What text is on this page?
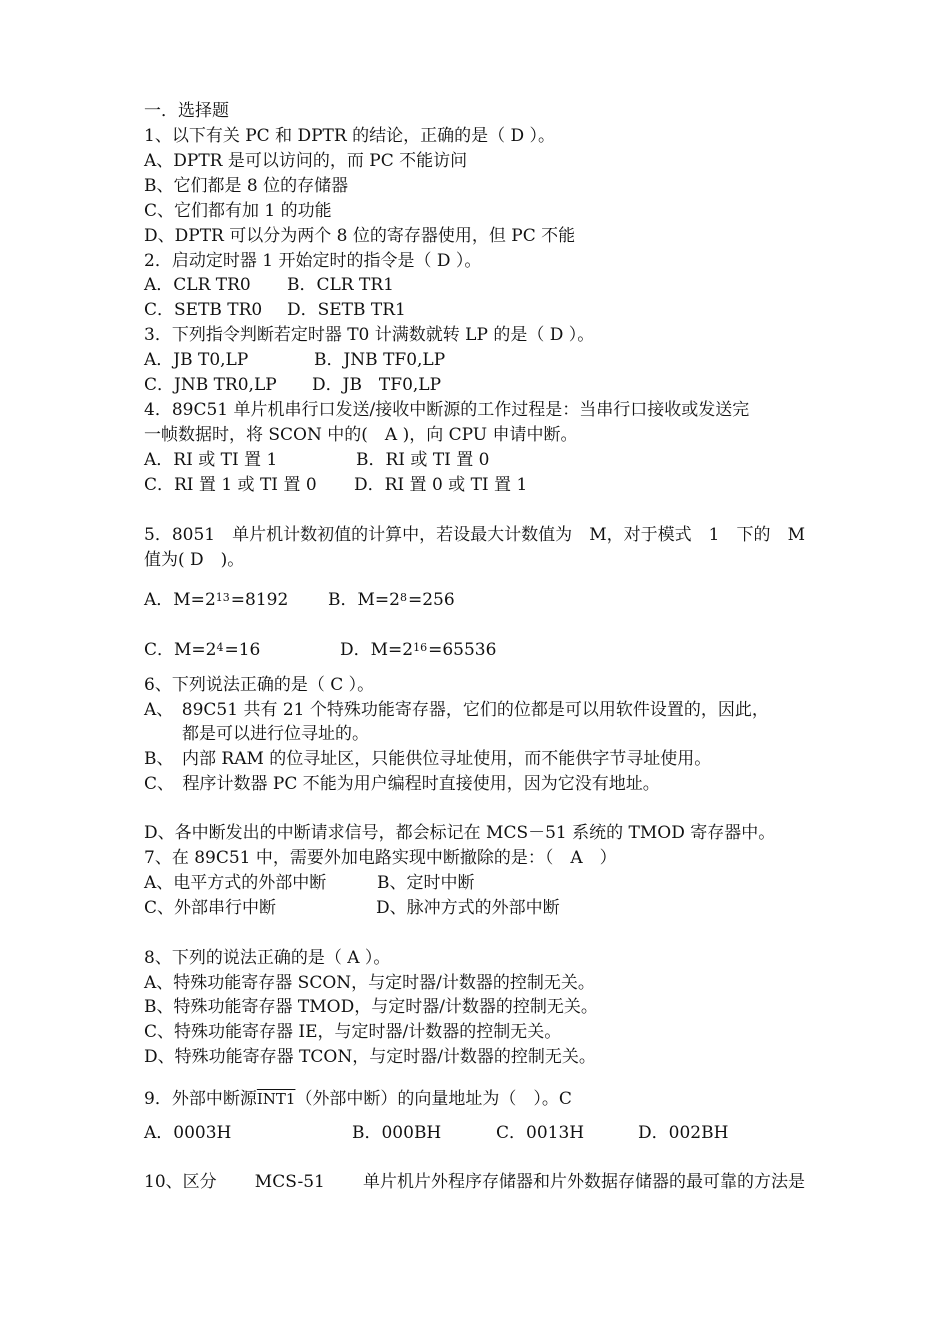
一．选择题
1、以下有关 PC 和 DPTR 的结论，正确的是（ D ）。
A、DPTR 是可以访问的，而 PC 不能访问
B、它们都是 8 位的存储器
C、它们都有加 1 的功能
D、DPTR 可以分为两个 8 位的寄存器使用，但 PC 不能
2．启动定时器 1 开始定时的指令是（ D ）。
A．CLR TR0 B．CLR TR1
C．SETB TR0 D．SETB TR1
3．下列指令判断若定时器 T0 计满数就转 LP 的是（ D ）。
A．JB T0,LP	B．JNB TF0,LP
C．JNB TR0,LP D．JB　TF0,LP
4．89C51 单片机串行口发送/接收中断源的工作过程是：当串行口接收或发送完
一帧数据时，将 SCON 中的(　A )，向 CPU 申请中断。
A．RI 或 TI 置 1	B．RI 或 TI 置 0
C．RI 置 1 或 TI 置 0 D．RI 置 0 或 TI 置 1
5．8051 单片机计数初值的计算中，若设最大计数值为 M，对于模式 1 下的 M
值为( D　)。
A．$M=2^{13}=8192$ B．$M=2^8=256$
C．$M=2^4=16$	D．$M=2^{16}=65536$
6、下列说法正确的是（ C ）。
A、　89C51 共有 21 个特殊功能寄存器，它们的位都是可以用软件设置的，因此，
都是可以进行位寻址的。
B、　内部 RAM 的位寻址区，只能供位寻址使用，而不能供字节寻址使用。
C、　程序计数器 PC 不能为用户编程时直接使用，因为它没有地址。
D、各中断发出的中断请求信号，都会标记在 MCS－51 系统的 TMOD 寄存器中。
7、在 89C51 中，需要外加电路实现中断撤除的是：（　A　）
A、电平方式的外部中断	B、定时中断
C、外部串行中断	D、脉冲方式的外部中断
8、下列的说法正确的是（ A ）。
A、特殊功能寄存器 SCON，与定时器/计数器的控制无关。
B、特殊功能寄存器 TMOD，与定时器/计数器的控制无关。
C、特殊功能寄存器 IE，与定时器/计数器的控制无关。
D、特殊功能寄存器 TCON，与定时器/计数器的控制无关。
9．外部中断源INT1（外部中断）的向量地址为（　）。C
A．0003H	B．000BH	C．0013H	D．002BH
10、区分 MCS-51 单片机片外程序存储器和片外数据存储器的最可靠的方法是
